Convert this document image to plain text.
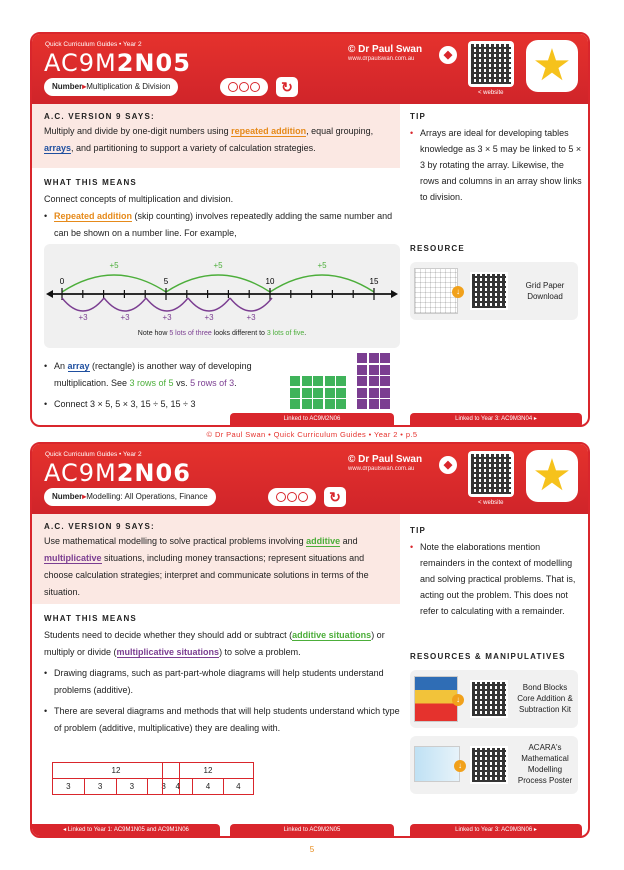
Quick Curriculum Guides • Year 2
AC9M2N05
Number▸Multiplication & Division	↻
© Dr Paul Swan
www.drpaulswan.com.au	◆
< website
★
A.C. VERSION 9 SAYS:
Multiply and divide by one-digit numbers using repeated addition, equal grouping, arrays, and partitioning to support a variety of calculation strategies.
WHAT THIS MEANS
Connect concepts of multiplication and division.
• Repeated addition (skip counting) involves repeatedly adding the same number and can be shown on a number line. For example,
+5	+5	+5
0	5	10	15
+3	+3	+3	+3	+3
Note how 5 lots of three looks different to 3 lots of five.
• An array (rectangle) is another way of developing multiplication. See 3 rows of 5 vs. 5 rows of 3.
• Connect 3 × 5, 5 × 3, 15 ÷ 5, 15 ÷ 3
TIP
• Arrays are ideal for developing tables knowledge as 3 × 5 may be linked to 5 × 3 by rotating the array. Likewise, the rows and columns in an array show links to division.
RESOURCE
↓
Grid Paper Download
Linked to AC9M2N06	Linked to Year 3: AC9M3N04 ▸
© Dr Paul Swan • Quick Curriculum Guides • Year 2 • p.5
Quick Curriculum Guides • Year 2
AC9M2N06
Number▸Modelling: All Operations, Finance	↻
© Dr Paul Swan
www.drpaulswan.com.au	◆
< website
★
A.C. VERSION 9 SAYS:
Use mathematical modelling to solve practical problems involving additive and multiplicative situations, including money transactions; represent situations and choose calculation strategies; interpret and communicate solutions in terms of the situation.
WHAT THIS MEANS
Students need to decide whether they should add or subtract (additive situations) or multiply or divide (multiplicative situations) to solve a problem.
• Drawing diagrams, such as part-part-whole diagrams will help students understand problems (additive).
• There are several diagrams and methods that will help students understand which type of problem (additive, multiplicative) they are dealing with.
12
3	3	3	3
12
4	4	4
TIP
• Note the elaborations mention remainders in the context of modelling and solving practical problems. That is, acting out the problem. This does not refer to calculating with a remainder.
RESOURCES & MANIPULATIVES
↓
Bond Blocks Core Addition & Subtraction Kit
↓
ACARA's Mathematical Modelling Process Poster
◂ Linked to Year 1: AC9M1N05 and AC9M1N06	Linked to AC9M2N05	Linked to Year 3: AC9M3N06 ▸
5
